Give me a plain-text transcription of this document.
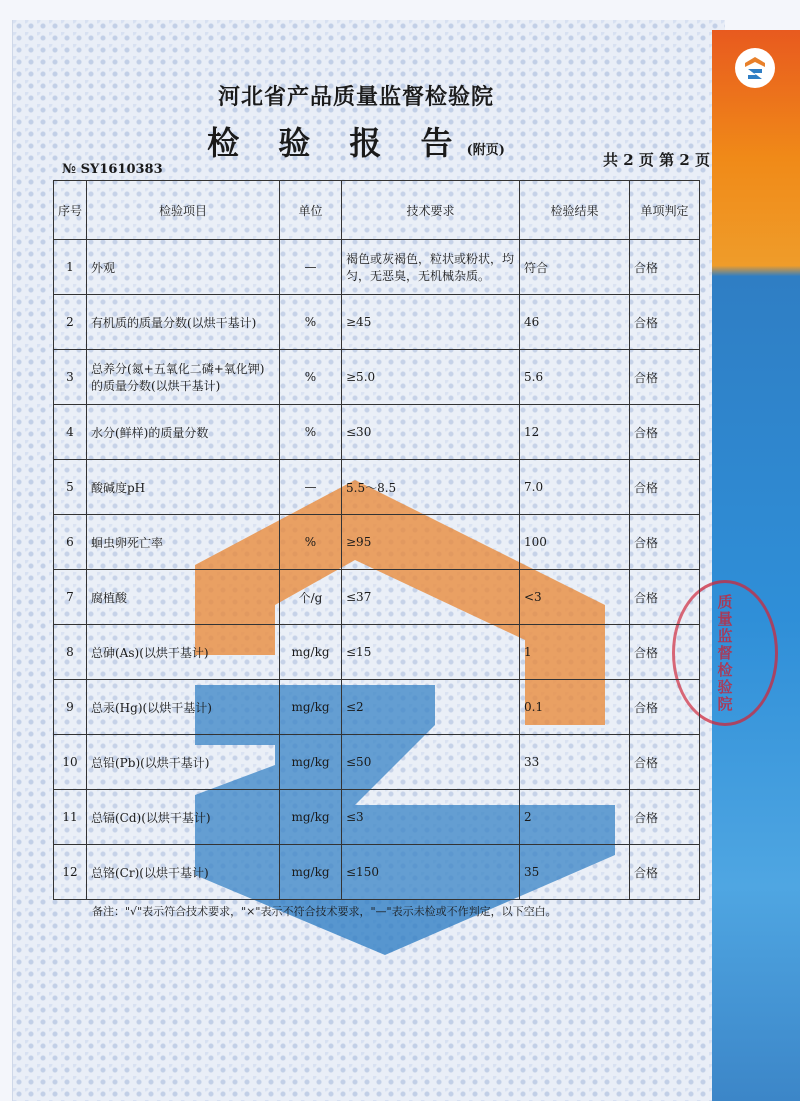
质量监督检验院
河北省产品质量监督检验院
检 验 报 告(附页)
№ SY1610383
共 2 页 第 2 页
序号	检验项目	单位	技术要求	检验结果	单项判定
1	外观	—	褐色或灰褐色，粒状或粉状，均匀，无恶臭，无机械杂质。	符合	合格
2	有机质的质量分数(以烘干基计)	%	≥45	46	合格
3	总养分(氮+五氧化二磷+氧化钾)的质量分数(以烘干基计)	%	≥5.0	5.6	合格
4	水分(鲜样)的质量分数	%	≤30	12	合格
5	酸碱度pH	—	5.5～8.5	7.0	合格
6	蛔虫卵死亡率	%	≥95	100	合格
7	腐植酸	个/g	≤37	<3	合格
8	总砷(As)(以烘干基计)	mg/kg	≤15	1	合格
9	总汞(Hg)(以烘干基计)	mg/kg	≤2	0.1	合格
10	总铅(Pb)(以烘干基计)	mg/kg	≤50	33	合格
11	总镉(Cd)(以烘干基计)	mg/kg	≤3	2	合格
12	总铬(Cr)(以烘干基计)	mg/kg	≤150	35	合格
备注："√"表示符合技术要求，"×"表示不符合技术要求，"—"表示未检或不作判定，以下空白。
